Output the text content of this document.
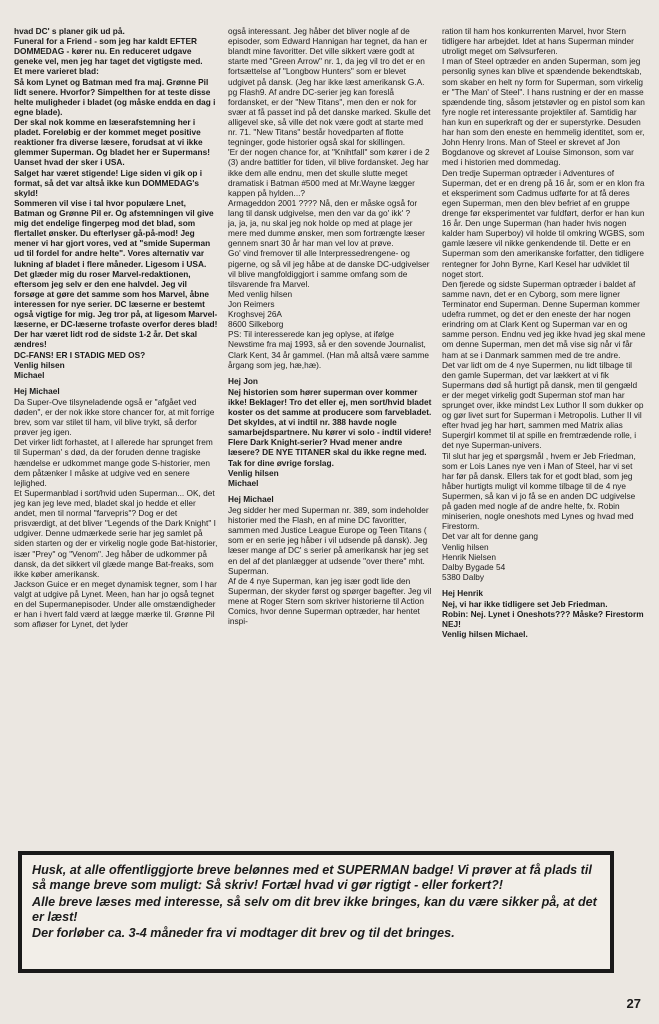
hvad DC' s planer gik ud på.

Funeral for a Friend - som jeg har kaldt EFTER DOMMEDAG - kører nu. En reduceret udgave geneke vel, men jeg har taget det vigtigste med.

Et mere varieret blad:

Så kom Lynet og Batman med fra maj. Grønne Pil lidt senere. Hvorfor? Simpelthen for at teste disse helte muligheder i bladet (og måske endda en dag i egne blade).

Der skal nok komme en læserafstemning her i pladet. Foreløbig er der kommet meget positive reaktioner fra diverse læsere, forudsat at vi ikke glemmer Superman. Og bladet her er Supermans! Uanset hvad der sker i USA.

Salget har været stigende! Lige siden vi gik op i format, så det var altså ikke kun DOMMEDAG's skyld!

Sommeren vil vise i tal hvor populære Lnet, Batman og Grønne Pil er. Og afstemningen vil give mig det endelige fingerpeg mod det blad, som flertallet ønsker. Du efterlyser gå-på-mod! Jeg mener vi har gjort vores, ved at "smide Superman ud til fordel for andre helte". Vores alternativ var lukning af bladet i flere måneder. Ligesom i USA.

Det glæder mig du roser Marvel-redaktionen, eftersom jeg selv er den ene halvdel. Jeg vil forsøge at gøre det samme som hos Marvel, åbne interessen for nye serier. DC læserne er bestemt også vigtige for mig. Jeg tror på, at ligesom Marvel-læserne, er DC-læserne trofaste overfor deres blad!

Der har været lidt rod de sidste 1-2 år. Det skal ændres!

DC-FANS! ER I STADIG MED OS?

Venlig hilsen

Michael

Hej Michael

Da Super-Ove tilsyneladende også er "afgået ved døden", er der nok ikke store chancer for, at mit forrige brev, som var stilet til ham, vil blive trykt, så derfor prøver jeg igen.

Det virker lidt forhastet, at I allerede har sprunget frem til Superman' s død, da der foruden denne tragiske hændelse er udkommet mange gode S-historier, men dem påtænker I måske at udgive ved en senere lejlighed.

Et Supermanblad i sort/hvid uden Superman... OK, det jeg kan jeg leve med, bladet skal jo hedde et eller andet, men til normal "farvepris"? Dog er det prisværdigt, at det bliver "Legends of the Dark Knight" I udgiver. Denne udmærkede serie har jeg samlet på siden starten og der er virkelig nogle gode Bat-historier, især "Prey" og "Venom". Jeg håber de udkommer på dansk, da det sikkert vil glæde mange Bat-freaks, som ikke køber amerikansk.

Jackson Guice er en meget dynamisk tegner, som I har valgt at udgive på Lynet. Meen, han har jo også tegnet en del Supermanepisoder. Under alle omstændigheder er han i hvert fald værd at lægge mærke til. Grønne Pil som afløser for Lynet, det lyder

også interessant. Jeg håber det bliver nogle af de episoder, som Edward Hannigan har tegnet, da han er blandt mine favoritter. Det ville sikkert være godt at starte med "Green Arrow" nr. 1, da jeg vil tro det er en fortsættelse af "Longbow Hunters" som er blevet udgivet på dansk. (Jeg har ikke læst amerikansk G.A. pg Flash9. Af andre DC-serier jeg kan foreslå fordansket, er der "New Titans", men den er nok for svær at få passet ind på det danske marked. Skulle det alligevel ske, så ville det nok være godt at starte med nr. 71. "New Titans" består hovedparten af flotte tegninger, gode historier også skal for skillingen.

'Er der nogen chance for, at "Knihtfall" som kører i de 2 (3) andre battitler for tiden, vil blive fordansket. Jeg har ikke dem alle endnu, men det skulle slutte meget dramatisk i Batman #500 med at Mr.Wayne lægger kappen på hylden...?

Armageddon 2001 ???? Nå, den er måske også for lang til dansk udgivelse, men den var da go' ikk' ?

ja, ja, ja, nu skal jeg nok holde op med at plage jer mere med dumme ønsker, men som fortrængte læser gennem snart 30 år har man vel lov at prøve.

Go' vind fremover til alle Interpressedrengene- og pigerne, og så vil jeg håbe at de danske DC-udgivelser vil blive mangfoldiggjort i samme omfang som de tilsvarende fra Marvel.

Med venlig hilsen

Jon Reimers

Kroghsvej 26A

8600 Silkeborg

PS: Til interesserede kan jeg oplyse, at ifølge Newstime fra maj 1993, så er den sovende Journalist, Clark Kent, 34 år gammel. (Han må altså være samme årgang som jeg, hæ,hæ).

Hej Jon

Nej historien som hører superman over kommer ikke! Beklager! Tro det eller ej, men sort/hvid bladet koster os det samme at producere som farvebladet. Det skyldes, at vi indtil nr. 388 havde nogle samarbejdspartnere. Nu kører vi solo - indtil videre!

Flere Dark Knight-serier? Hvad mener andre læsere? DE NYE TITANER skal du ikke regne med.

Tak for dine øvrige forslag.

Venlig hilsen

Michael

Hej Michael

Jeg sidder her med Superman nr. 389, som indeholder historier med the Flash, en af mine DC favoritter, sammen med Justice League Europe og Teen Titans ( som er en serie jeg håber i vil udsende på dansk). Jeg læser mange af DC' s serier på amerikansk har jeg set en del af det planlægger at udsende "over there" mht. Superman.

Af de 4 nye Superman, kan jeg især godt lide den Superman, der skyder først og spørger bagefter. Jeg vil mene at Roger Stern som skriver historierne til Action Comics, hvor denne Superman optræder, har hentet inspi-

ration til ham hos konkurrenten Marvel, hvor Stern tidligere har arbejdet. Idet at hans Superman minder utroligt meget om Sølvsurferen.

I man of Steel optræder en anden Superman, som jeg personlig synes kan blive et spændende bekendtskab, som skaber en helt ny form for Superman, som virkelig er "The Man' of Steel". I hans rustning er der en masse spændende ting, såsom jetstøvler og en pistol som kan fyre nogle ret interessante projektiler af. Samtidig har han kun en superkraft og der er superstyrke. Desuden har han som den eneste en hemmelig identitet, som er, John Henry Irons. Man of Steel er skrevet af Jon Bogdanove og skrevet af Louise Simonson, som var med i historien med dommedag.

Den tredje Superman optræder i Adventures of Superman, det er en dreng på 16 år, som er en klon fra et eksperiment som Cadmus udførte for at få deres egen Superman, men den blev befriet af en gruppe drenge før eksperimentet var fuldført, derfor er han kun 16 år. Den unge Superman (han hader hvis nogen kalder ham Superboy) vil holde til omkring WGBS, som gamle læsere vil nikke genkendende til. Dette er en Superman som den amerikanske forfatter, den tidligere rentegner for John Byrne, Karl Kesel har udviklet til noget stort.

Den fjerede og sidste Superman optræder i baldet af samme navn, det er en Cyborg, som mere ligner Terminator end Superman. Denne Superman kommer udefra rummet, og det er den eneste der har nogen erindring om at Clark Kent og Superman var en og samme person. Endnu ved jeg ikke hvad jeg skal mene om denne Superman, men det må vise sig når vi får ham at se i Danmark sammen med de tre andre.

Det var lidt om de 4 nye Supermen, nu lidt tilbage til den gamle Superman, det var lækkert at vi fik Supermans død så hurtigt på dansk, men til gengæld er der meget virkelig godt Superman stof man har sprunget over, ikke mindst Lex Luthor II som dukker op og gør livet surt for Superman i Metropolis. Luther II vil efter hvad jeg har hørt, sammen med Matrix alias Supergirl kommet til at spille en fremtrædende rolle, i det nye Superman-univers.

Til slut har jeg et spørgsmål , hvem er Jeb Friedman, som er Lois Lanes nye ven i Man of Steel, har vi set har før på dansk. Ellers tak for et godt blad, som jeg håber hurtigts muligt vil komme tilbage til de 4 nye Supermen, så kan vi jo få se en anden DC udgivelse på gaden med nogle af de andre helte, fx. Robin miniserien, nogle oneshots med Lynes og hvad med Firestorm.

Det var alt for denne gang

Venlig hilsen

Henrik Nielsen

Dalby Bygade 54

5380 Dalby

Hej Henrik

Nej, vi har ikke tidligere set Jeb Friedman.

Robin: Nej. Lynet i Oneshots??? Måske? Firestorm NEJ!

Venlig hilsen Michael.

Husk, at alle offentliggjorte breve belønnes med et SUPERMAN badge! Vi prøver at få plads til så mange breve som muligt: Så skriv! Fortæl hvad vi gør rigtigt - eller forkert?!

Alle breve læses med interesse, så selv om dit brev ikke bringes, kan du være sikker på, at det er læst!

Der forløber ca. 3-4 måneder fra vi modtager dit brev og til det bringes.

27
